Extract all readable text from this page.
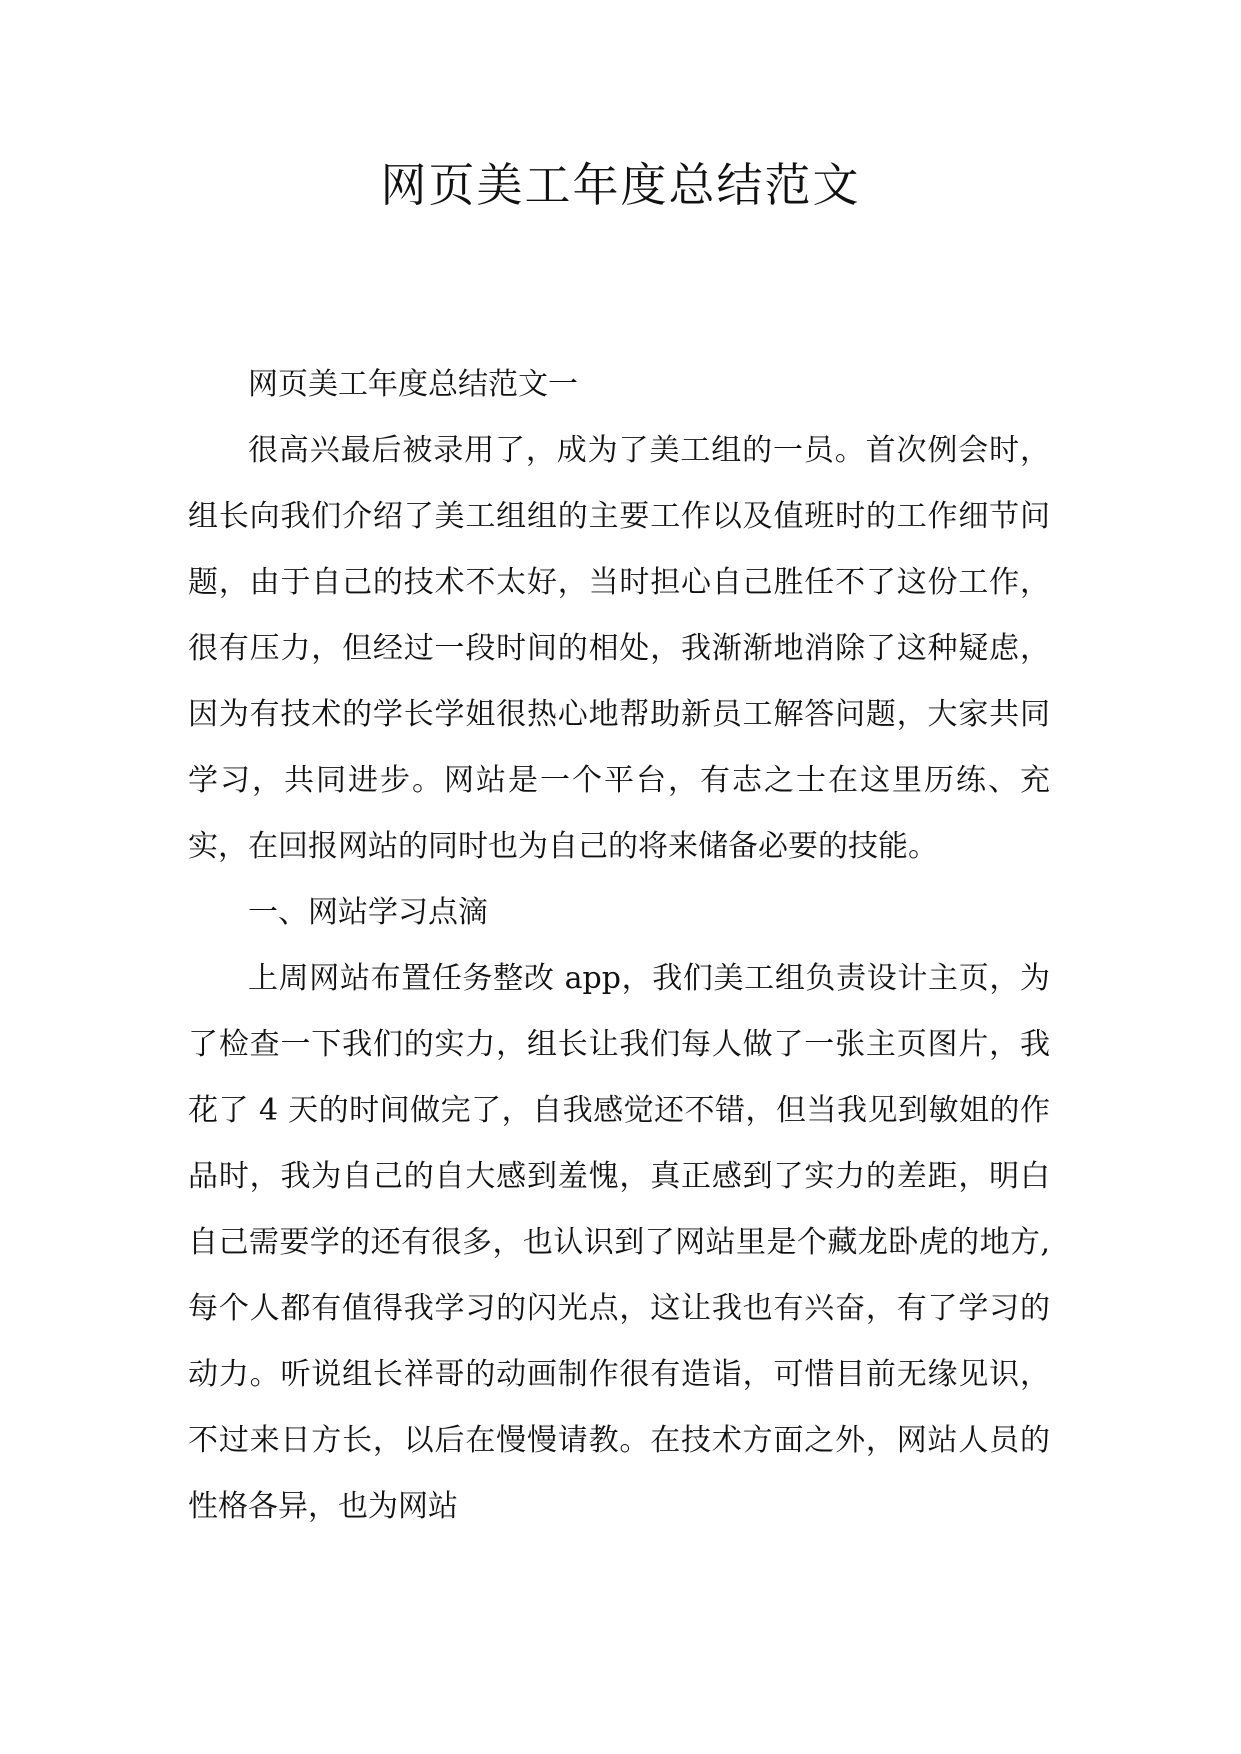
网页美工年度总结范文

网页美工年度总结范文一

很高兴最后被录用了，成为了美工组的一员。首次例会时，组长向我们介绍了美工组组的主要工作以及值班时的工作细节问题，由于自己的技术不太好，当时担心自己胜任不了这份工作，很有压力，但经过一段时间的相处，我渐渐地消除了这种疑虑，因为有技术的学长学姐很热心地帮助新员工解答问题，大家共同学习，共同进步。网站是一个平台，有志之士在这里历练、充实，在回报网站的同时也为自己的将来储备必要的技能。

一、网站学习点滴

上周网站布置任务整改 app，我们美工组负责设计主页，为了检查一下我们的实力，组长让我们每人做了一张主页图片，我花了 4 天的时间做完了，自我感觉还不错，但当我见到敏姐的作品时，我为自己的自大感到羞愧，真正感到了实力的差距，明白自己需要学的还有很多，也认识到了网站里是个藏龙卧虎的地方,每个人都有值得我学习的闪光点，这让我也有兴奋，有了学习的动力。听说组长祥哥的动画制作很有造诣，可惜目前无缘见识，不过来日方长，以后在慢慢请教。在技术方面之外，网站人员的性格各异，也为网站
